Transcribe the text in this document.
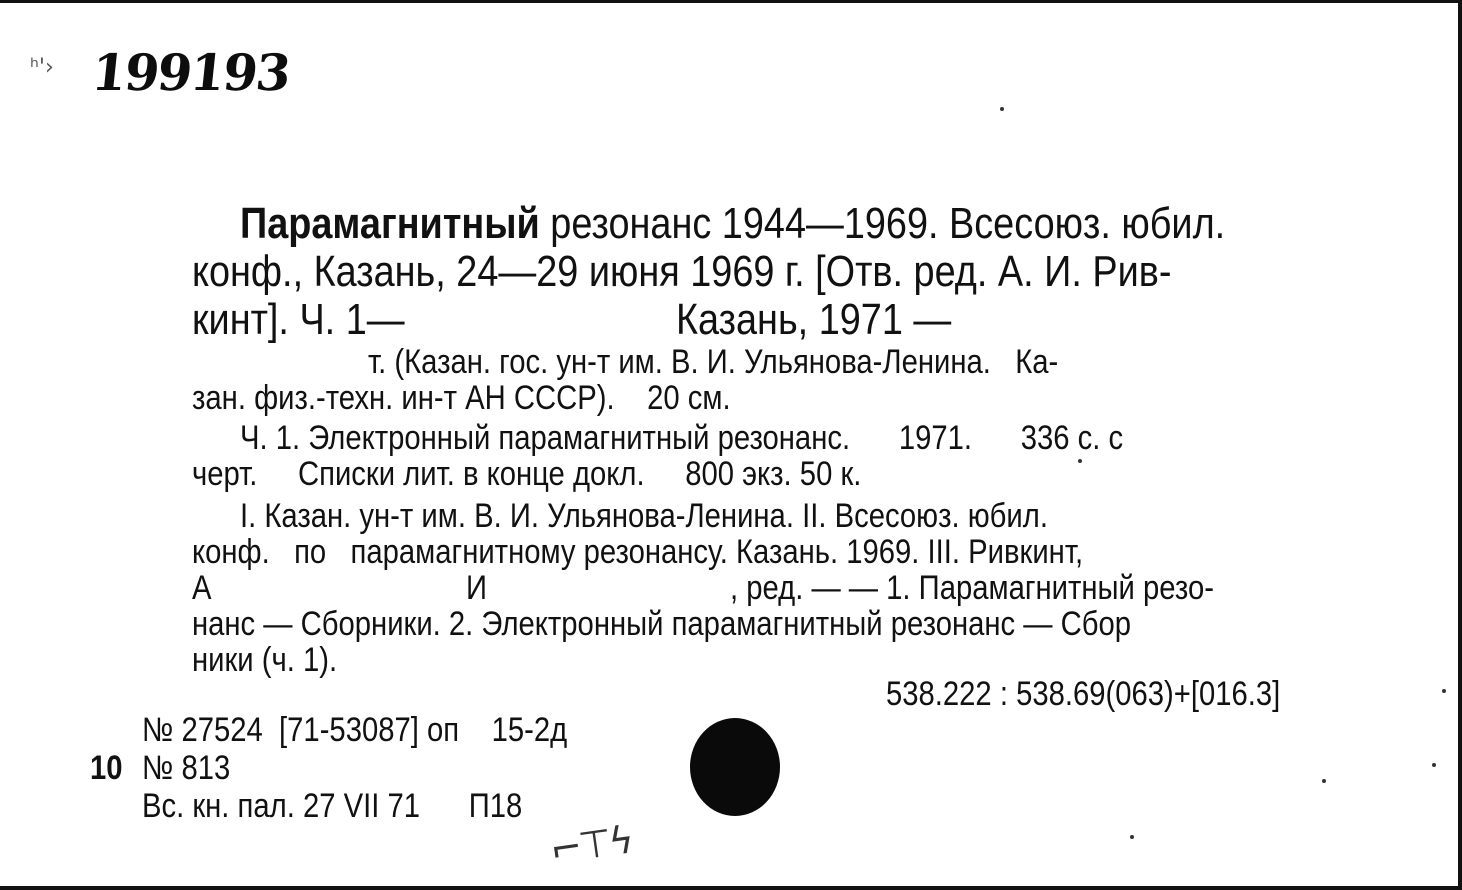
ʰ'› 199193
Парамагнитный резонанс 1944—1969. Всесоюз. юбил.
конф., Казань, 24—29 июня 1969 г. [Отв. ред. А. И. Рив-
кинт]. Ч. 1—	Казань, 1971 —
т. (Казан. гос. ун-т им. В. И. Ульянова-Ленина.   Ка-
зан. физ.-техн. ин-т АН СССР).    20 см.
Ч. 1. Электронный парамагнитный резонанс.      1971.      336 с. с
черт.     Списки лит. в конце докл.     800 экз. 50 к.
I. Казан. ун-т им. В. И. Ульянова-Ленина. II. Всесоюз. юбил.
конф.   по   парамагнитному резонансу. Казань. 1969. III. Ривкинт,
А	И	, ред. — — 1. Парамагнитный резо-
нанс — Сборники. 2. Электронный парамагнитный резонанс — Сбор
ники (ч. 1).
538.222 : 538.69(063)+[016.3]
№ 27524  [71-53087] оп    15-2д
10 № 813
Вс. кн. пал. 27 VII 71      П18
⌐⊤ϟ
